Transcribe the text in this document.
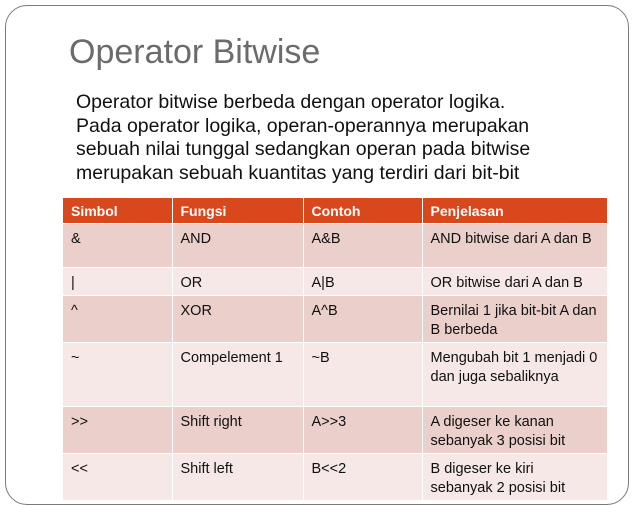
Operator Bitwise
Operator bitwise berbeda dengan operator logika.
Pada operator logika, operan-operannya merupakan
sebuah nilai tunggal sedangkan operan pada bitwise
merupakan sebuah kuantitas yang terdiri dari bit-bit
Simbol	Fungsi	Contoh	Penjelasan
&	AND	A&B	AND bitwise dari A dan B
|	OR	A|B	OR bitwise dari A dan B
^	XOR	A^B	Bernilai 1 jika bit-bit A dan B berbeda
~	Compelement 1	~B	Mengubah bit 1 menjadi 0 dan juga sebaliknya
>>	Shift right	A>>3	A digeser ke kanan sebanyak 3 posisi bit
<<	Shift left	B<<2	B digeser ke kiri sebanyak 2 posisi bit
